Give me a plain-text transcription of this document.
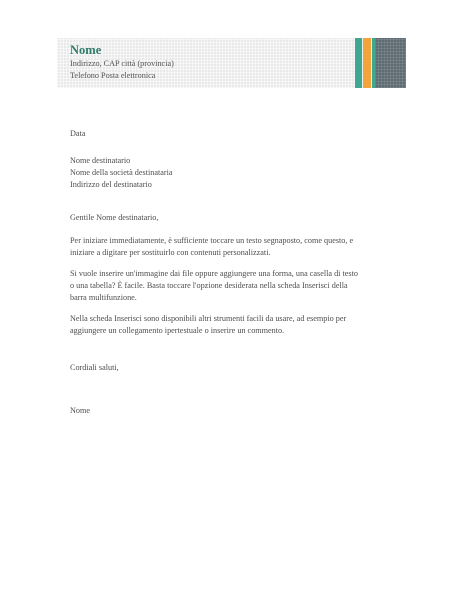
Nome
Indirizzo, CAP città (provincia)
Telefono Posta elettronica
Data
Nome destinatario
Nome della società destinataria
Indirizzo del destinatario
Gentile Nome destinatario,
Per iniziare immediatamente, è sufficiente toccare un testo segnaposto, come questo, e
iniziare a digitare per sostituirlo con contenuti personalizzati.
Si vuole inserire un'immagine dai file oppure aggiungere una forma, una casella di testo
o una tabella? È facile. Basta toccare l'opzione desiderata nella scheda Inserisci della
barra multifunzione.
Nella scheda Inserisci sono disponibili altri strumenti facili da usare, ad esempio per
aggiungere un collegamento ipertestuale o inserire un commento.
Cordiali saluti,
Nome
